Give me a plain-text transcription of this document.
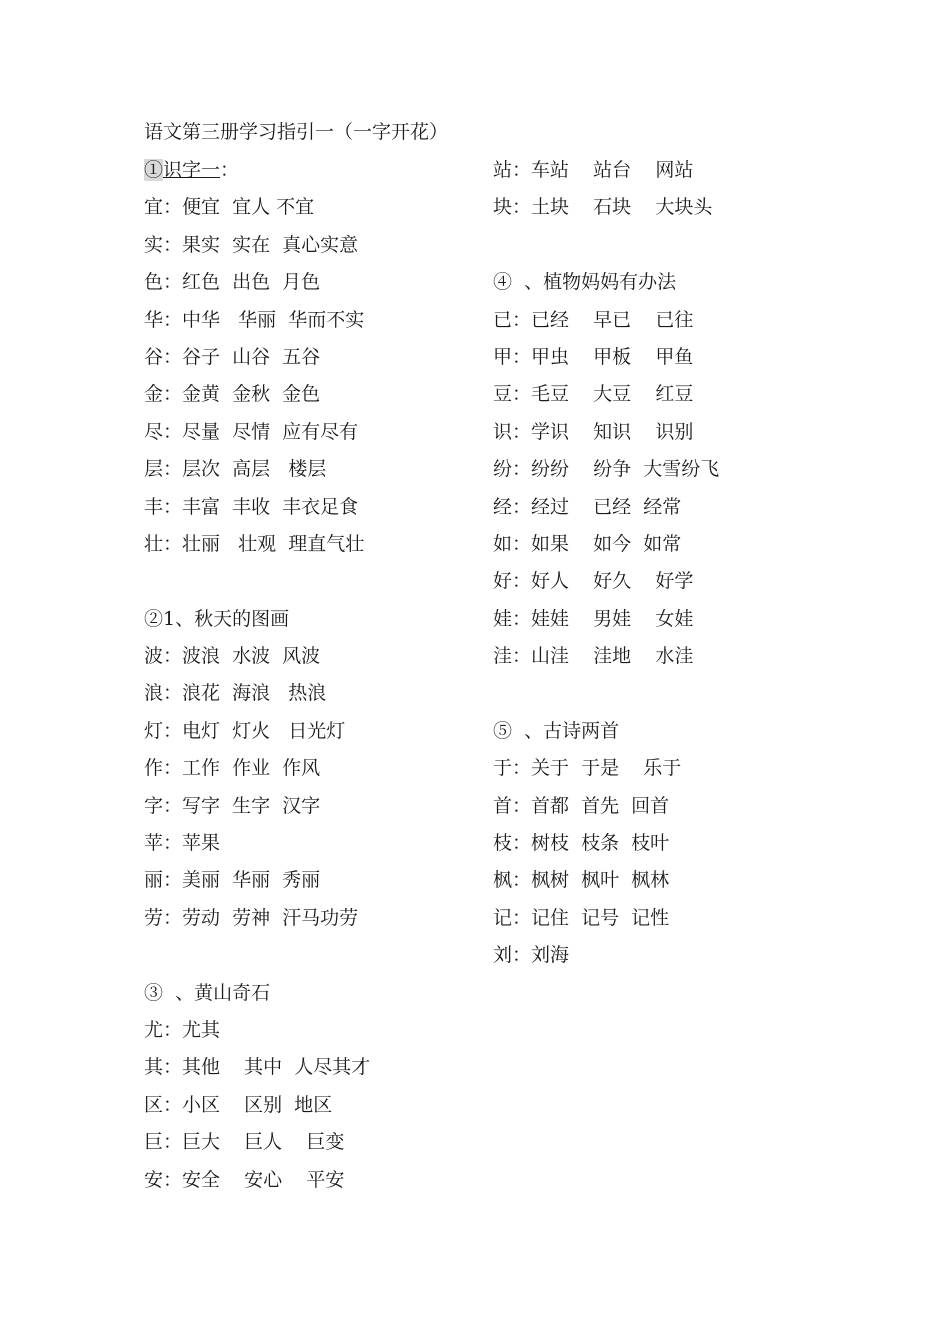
语文第三册学习指引一（一字开花）
①识字一：
宜：便宜  宜人 不宜
实：果实  实在  真心实意
色：红色  出色  月色
华：中华   华丽  华而不实
谷：谷子  山谷  五谷
金：金黄  金秋  金色
尽：尽量  尽情  应有尽有
层：层次  高层   楼层
丰：丰富  丰收  丰衣足食
壮：壮丽   壮观  理直气壮
②1、秋天的图画
波：波浪  水波  风波
浪：浪花  海浪   热浪
灯：电灯  灯火   日光灯
作：工作  作业  作风
字：写字  生字  汉字
苹：苹果
丽：美丽  华丽  秀丽
劳：劳动  劳神  汗马功劳
③  、黄山奇石
尤：尤其
其：其他    其中  人尽其才
区：小区    区别  地区
巨：巨大    巨人    巨变
安：安全    安心    平安
站：车站    站台    网站
块：土块    石块    大块头
④  、植物妈妈有办法
已：已经    早已    已往
甲：甲虫    甲板    甲鱼
豆：毛豆    大豆    红豆
识：学识    知识    识别
纷：纷纷    纷争  大雪纷飞
经：经过    已经  经常
如：如果    如今  如常
好：好人    好久    好学
娃：娃娃    男娃    女娃
洼：山洼    洼地    水洼
⑤  、古诗两首
于：关于  于是    乐于
首：首都  首先  回首
枝：树枝  枝条  枝叶
枫：枫树  枫叶  枫林
记：记住  记号  记性
刘：刘海
